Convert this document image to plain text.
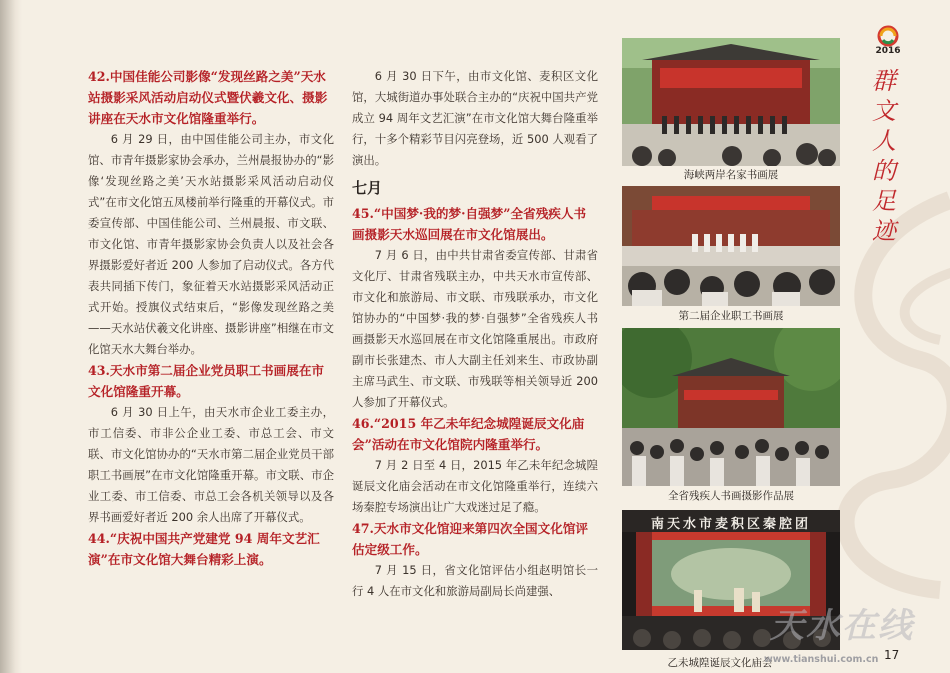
42.中国佳能公司影像“发现丝路之美”天水站摄影采风活动启动仪式暨伏羲文化、摄影讲座在天水市文化馆隆重举行。

6 月 29 日，由中国佳能公司主办，市文化馆、市青年摄影家协会承办，兰州晨报协办的“影像‘发现丝路之美’天水站摄影采风活动启动仪式”在市文化馆五凤楼前举行隆重的开幕仪式。市委宣传部、中国佳能公司、兰州晨报、市文联、市文化馆、市青年摄影家协会负责人以及社会各界摄影爱好者近 200 人参加了启动仪式。各方代表共同插下传门，象征着天水站摄影采风活动正式开始。授旗仪式结束后，“影像发现丝路之美——天水站伏羲文化讲座、摄影讲座”相继在市文化馆天水大舞台举办。

43.天水市第二届企业党员职工书画展在市文化馆隆重开幕。

6 月 30 日上午，由天水市企业工委主办，市工信委、市非公企业工委、市总工会、市文联、市文化馆协办的“天水市第二届企业党员干部职工书画展”在市文化馆隆重开幕。市文联、市企业工委、市工信委、市总工会各机关领导以及各界书画爱好者近 200 余人出席了开幕仪式。

44.“庆祝中国共产党建党 94 周年文艺汇演”在市文化馆大舞台精彩上演。

6 月 30 日下午，由市文化馆、麦积区文化馆，大城街道办事处联合主办的“庆祝中国共产党成立 94 周年文艺汇演”在市文化馆大舞台隆重举行，十多个精彩节目闪亮登场，近 500 人观看了演出。

七月

45.“中国梦·我的梦·自强梦”全省残疾人书画摄影天水巡回展在市文化馆展出。

7 月 6 日，由中共甘肃省委宣传部、甘肃省文化厅、甘肃省残联主办，中共天水市宣传部、市文化和旅游局、市文联、市残联承办，市文化馆协办的“中国梦·我的梦·自强梦”全省残疾人书画摄影天水巡回展在市文化馆隆重展出。市政府副市长张建杰、市人大副主任刘来生、市政协副主席马武生、市文联、市残联等相关领导近 200 人参加了开幕仪式。

46.“2015 年乙未年纪念城隍诞辰文化庙会”活动在市文化馆院内隆重举行。

7 月 2 日至 4 日，2015 年乙未年纪念城隍诞辰文化庙会活动在市文化馆隆重举行，连续六场秦腔专场演出让广大戏迷过足了瘾。

47.天水市文化馆迎来第四次全国文化馆评估定级工作。

7 月 15 日，省文化馆评估小组赵明馆长一行 4 人在市文化和旅游局副局长尚建强、

海峡两岸名家书画展
第二届企业职工书画展
全省残疾人书画摄影作品展
南天水市麦积区秦腔团
乙未城隍诞辰文化庙会
2016
群文人的足迹
天水在线
www.tianshui.com.cn 17
